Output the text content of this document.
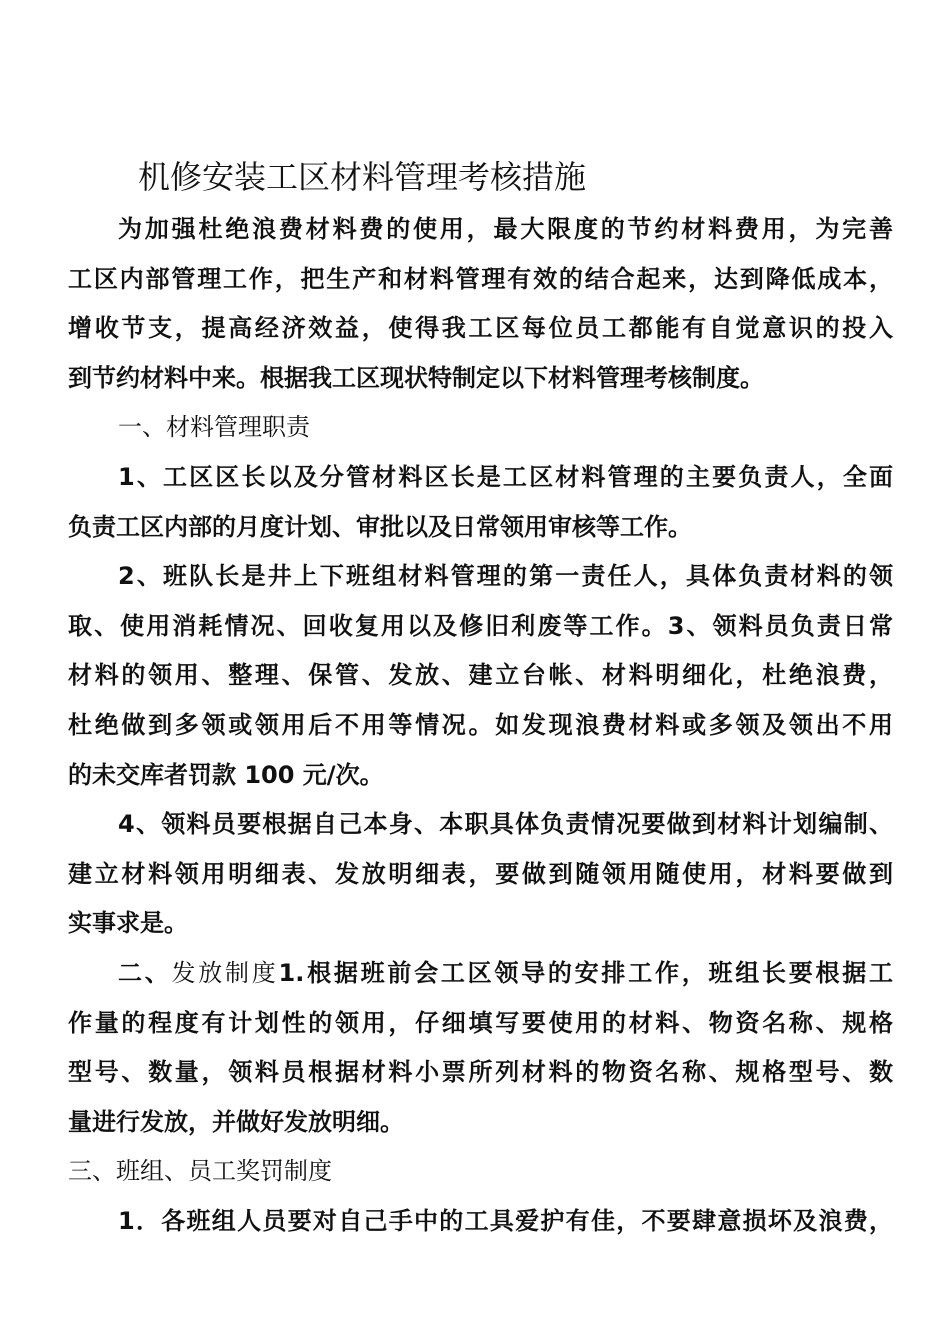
机修安装工区材料管理考核措施
为加强杜绝浪费材料费的使用，最大限度的节约材料费用，为完善
工区内部管理工作，把生产和材料管理有效的结合起来，达到降低成本，
增收节支，提高经济效益，使得我工区每位员工都能有自觉意识的投入
到节约材料中来。根据我工区现状特制定以下材料管理考核制度。
一、材料管理职责
1、工区区长以及分管材料区长是工区材料管理的主要负责人，全面
负责工区内部的月度计划、审批以及日常领用审核等工作。
2、班队长是井上下班组材料管理的第一责任人，具体负责材料的领
取、使用消耗情况、回收复用以及修旧利废等工作。3、领料员负责日常
材料的领用、整理、保管、发放、建立台帐、材料明细化，杜绝浪费，
杜绝做到多领或领用后不用等情况。如发现浪费材料或多领及领出不用
的未交库者罚款 100 元/次。
4、领料员要根据自己本身、本职具体负责情况要做到材料计划编制、
建立材料领用明细表、发放明细表，要做到随领用随使用，材料要做到
实事求是。
二、发放制度1.根据班前会工区领导的安排工作，班组长要根据工
作量的程度有计划性的领用，仔细填写要使用的材料、物资名称、规格
型号、数量，领料员根据材料小票所列材料的物资名称、规格型号、数
量进行发放，并做好发放明细。
三、班组、员工奖罚制度
1．各班组人员要对自己手中的工具爱护有佳，不要肆意损坏及浪费，
